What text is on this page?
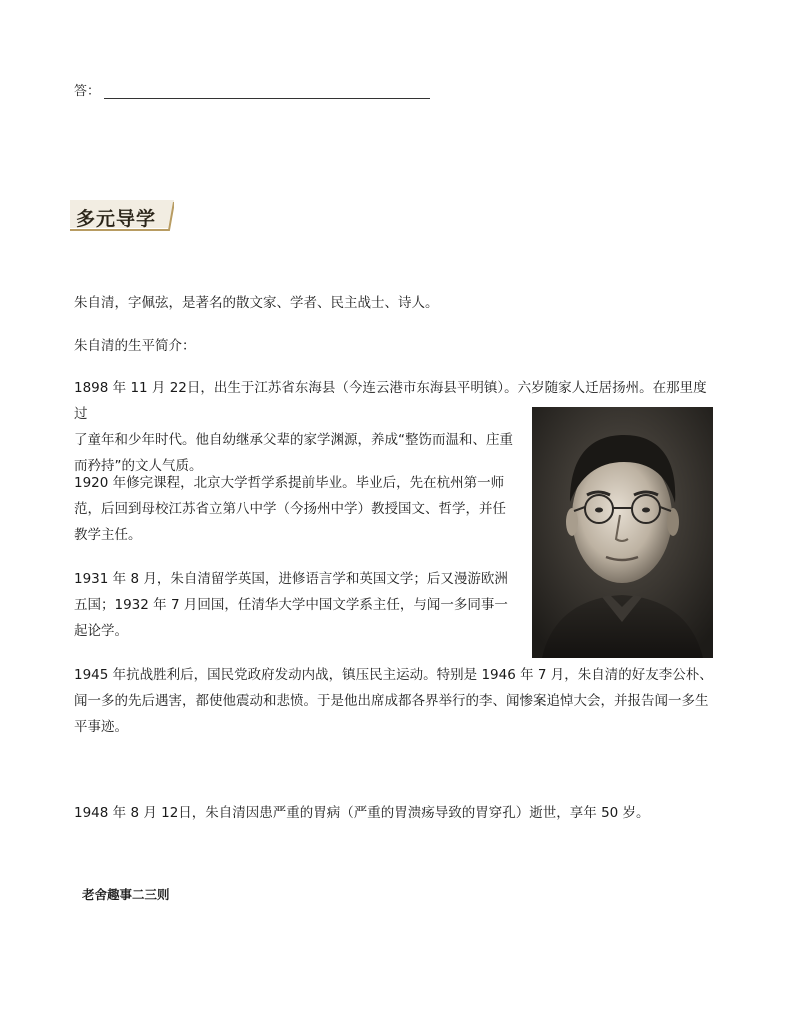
答：
多元导学
朱自清，字佩弦，是著名的散文家、学者、民主战士、诗人。
朱自清的生平简介：
1898 年 11 月 22日，出生于江苏省东海县（今连云港市东海县平明镇）。六岁随家人迁居扬州。在那里度过
了童年和少年时代。他自幼继承父辈的家学渊源，养成“整饬而温和、庄重而矜持”的文人气质。
1920 年修完课程，北京大学哲学系提前毕业。毕业后，先在杭州第一师范，后回到母校江苏省立第八中学（今扬州中学）教授国文、哲学，并任教学主任。
1931 年 8 月，朱自清留学英国，进修语言学和英国文学；后又漫游欧洲五国；1932 年 7 月回国，任清华大学中国文学系主任，与闻一多同事一起论学。
1945 年抗战胜利后，国民党政府发动内战，镇压民主运动。特别是 1946 年 7 月，朱自清的好友李公朴、闻一多的先后遇害，都使他震动和悲愤。于是他出席成都各界举行的李、闻惨案追悼大会，并报告闻一多生平事迹。
1948 年 8 月 12日，朱自清因患严重的胃病（严重的胃溃疡导致的胃穿孔）逝世，享年 50 岁。
老舍趣事二三则
